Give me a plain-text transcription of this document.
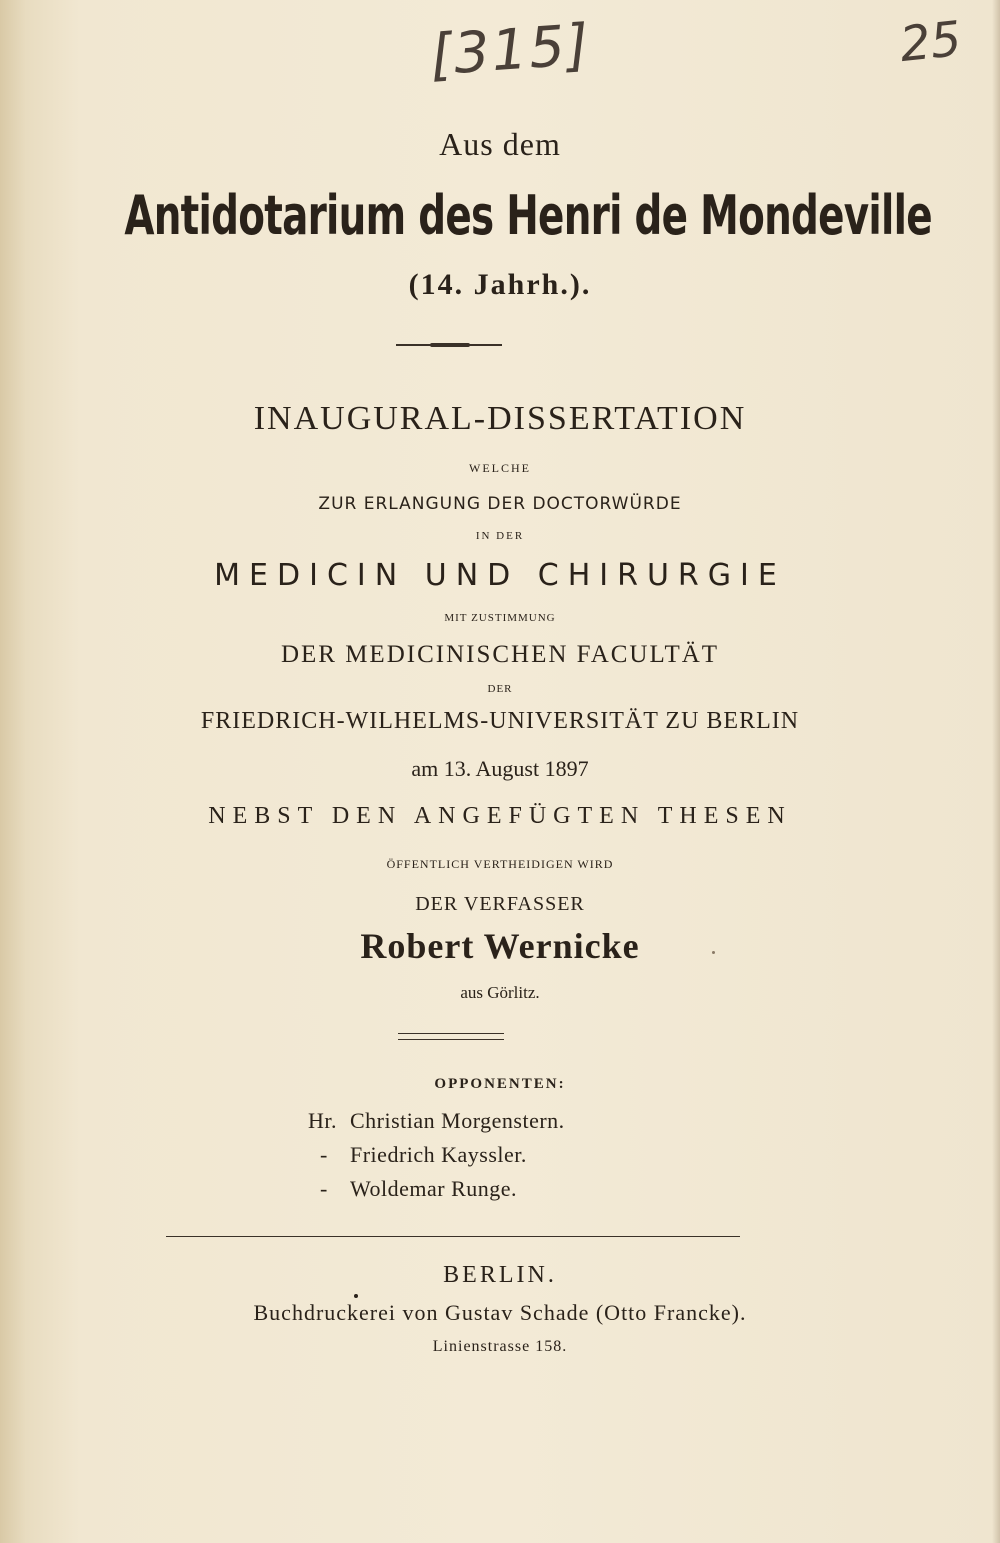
[315]	25
Aus dem
Antidotarium des Henri de Mondeville
(14. Jahrh.).
INAUGURAL-DISSERTATION
WELCHE
ZUR ERLANGUNG DER DOCTORWÜRDE
IN DER
MEDICIN UND CHIRURGIE
MIT ZUSTIMMUNG
DER MEDICINISCHEN FACULTÄT
DER
FRIEDRICH-WILHELMS-UNIVERSITÄT ZU BERLIN
am 13. August 1897
NEBST DEN ANGEFÜGTEN THESEN
ÖFFENTLICH VERTHEIDIGEN WIRD
DER VERFASSER
Robert Wernicke
aus Görlitz.
OPPONENTEN:
Hr. Christian Morgenstern.
-	Friedrich Kayssler.
-	Woldemar Runge.
BERLIN.
Buchdruckerei von Gustav Schade (Otto Francke).
Linienstrasse 158.
